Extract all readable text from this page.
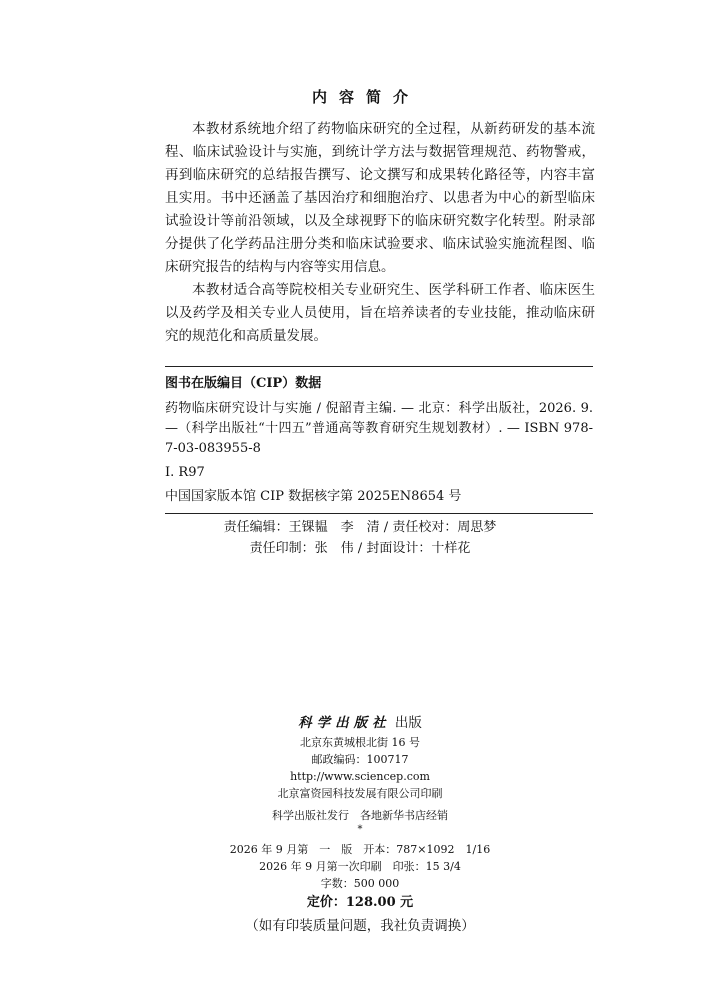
内容简介

本教材系统地介绍了药物临床研究的全过程，从新药研发的基本流程、临床试验设计与实施，到统计学方法与数据管理规范、药物警戒，再到临床研究的总结报告撰写、论文撰写和成果转化路径等，内容丰富且实用。书中还涵盖了基因治疗和细胞治疗、以患者为中心的新型临床试验设计等前沿领域，以及全球视野下的临床研究数字化转型。附录部分提供了化学药品注册分类和临床试验要求、临床试验实施流程图、临床研究报告的结构与内容等实用信息。

本教材适合高等院校相关专业研究生、医学科研工作者、临床医生以及药学及相关专业人员使用，旨在培养读者的专业技能，推动临床研究的规范化和高质量发展。

图书在版编目（CIP）数据
药物临床研究设计与实施 / 倪韶青主编. — 北京：科学出版社，2026. 9. —（科学出版社“十四五”普通高等教育研究生规划教材）. — ISBN 978-7-03-083955-8
Ⅰ. R97
中国国家版本馆 CIP 数据核字第 2025EN8654 号
责任编辑：王锞韫　李　清 / 责任校对：周思梦
责任印制：张　伟 / 封面设计：十样花
科学出版社 出版
北京东黄城根北街 16 号
邮政编码：100717
http://www.sciencep.com
北京富资园科技发展有限公司印刷
科学出版社发行　各地新华书店经销
*
2026 年 9 月第　一　版　开本：787×1092　1/16
2026 年 9 月第一次印刷　印张：15 3/4
字数：500 000
定价：128.00 元
（如有印装质量问题，我社负责调换）
